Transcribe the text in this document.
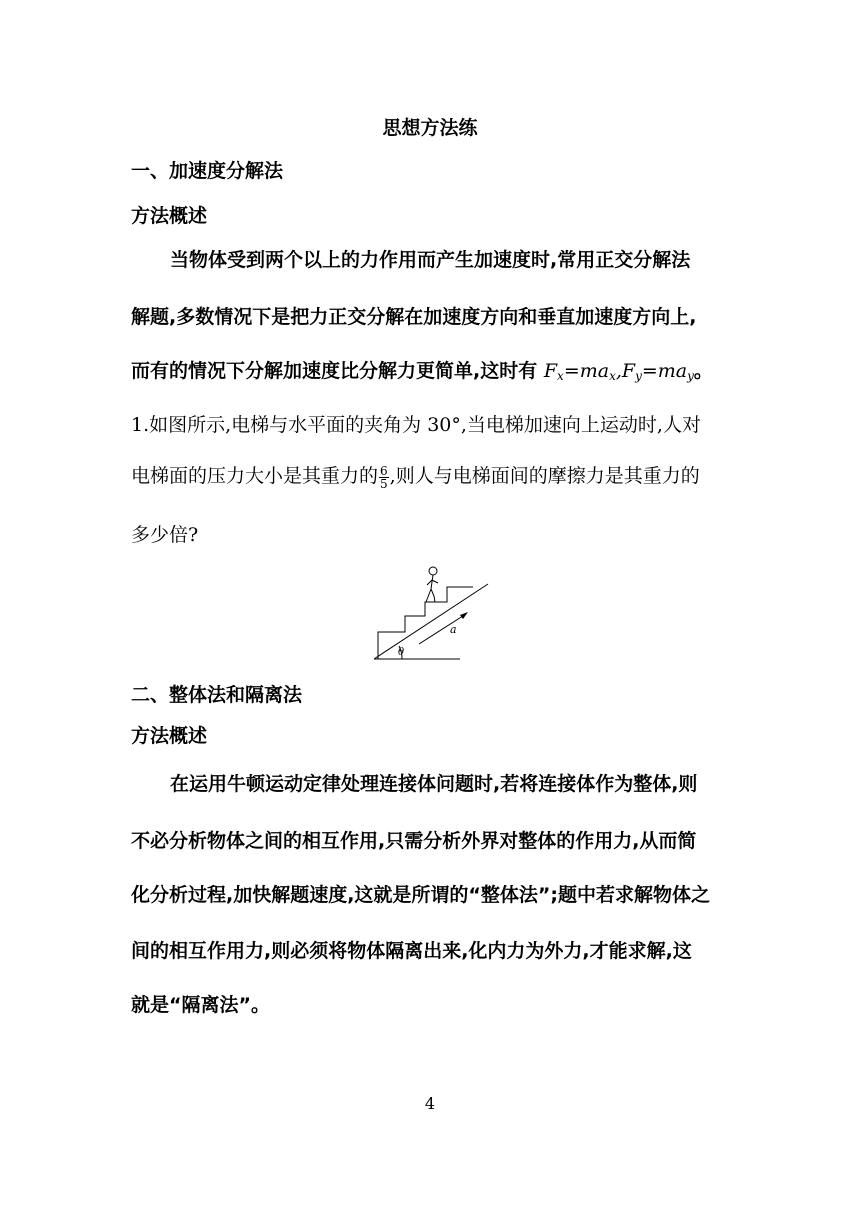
思想方法练
一、加速度分解法
方法概述
当物体受到两个以上的力作用而产生加速度时,常用正交分解法
解题,多数情况下是把力正交分解在加速度方向和垂直加速度方向上,
而有的情况下分解加速度比分解力更简单,这时有 $F_x=ma_x,F_y=ma_y$。
1.如图所示,电梯与水平面的夹角为 30°,当电梯加速向上运动时,人对
电梯面的压力大小是其重力的 $\frac{6}{5}$ ,则人与电梯面间的摩擦力是其重力的
多少倍?
a
θ
二、整体法和隔离法
方法概述
在运用牛顿运动定律处理连接体问题时,若将连接体作为整体,则
不必分析物体之间的相互作用,只需分析外界对整体的作用力,从而简
化分析过程,加快解题速度,这就是所谓的“整体法”;题中若求解物体之
间的相互作用力,则必须将物体隔离出来,化内力为外力,才能求解,这
就是“隔离法”。
4
